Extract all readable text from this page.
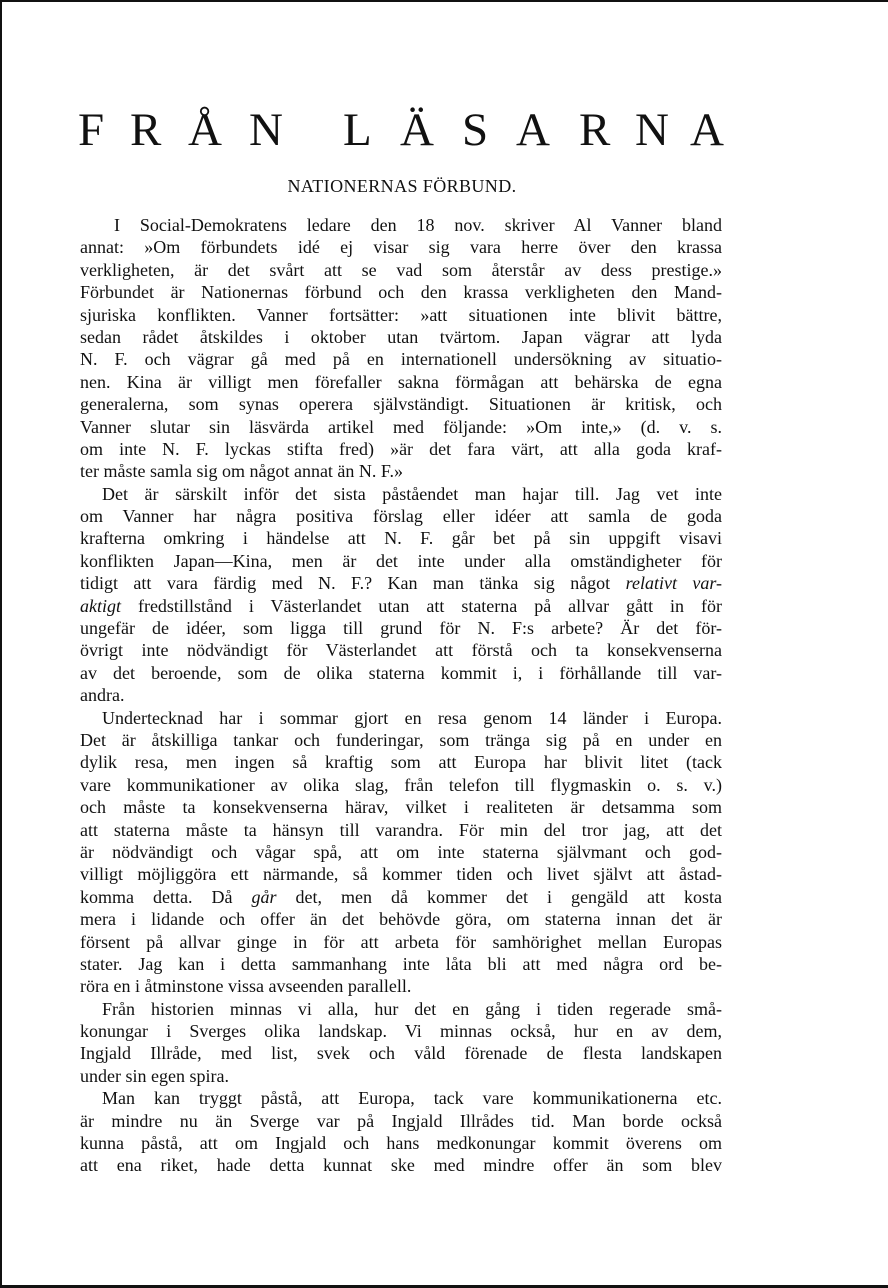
F R Å N L Ä S A R N A
NATIONERNAS FÖRBUND.
I Social-Demokratens ledare den 18 nov. skriver Al Vanner bland
annat: »Om förbundets idé ej visar sig vara herre över den krassa
verkligheten, är det svårt att se vad som återstår av dess prestige.»
Förbundet är Nationernas förbund och den krassa verkligheten den Mand-
sjuriska konflikten. Vanner fortsätter: »att situationen inte blivit bättre,
sedan rådet åtskildes i oktober utan tvärtom. Japan vägrar att lyda
N. F. och vägrar gå med på en internationell undersökning av situatio-
nen. Kina är villigt men förefaller sakna förmågan att behärska de egna
generalerna, som synas operera självständigt. Situationen är kritisk, och
Vanner slutar sin läsvärda artikel med följande: »Om inte,» (d. v. s.
om inte N. F. lyckas stifta fred) »är det fara värt, att alla goda kraf-
ter måste samla sig om något annat än N. F.»
Det är särskilt inför det sista påståendet man hajar till. Jag vet inte
om Vanner har några positiva förslag eller idéer att samla de goda
krafterna omkring i händelse att N. F. går bet på sin uppgift visavi
konflikten Japan—Kina, men är det inte under alla omständigheter för
tidigt att vara färdig med N. F.? Kan man tänka sig något relativt var-
aktigt fredstillstånd i Västerlandet utan att staterna på allvar gått in för
ungefär de idéer, som ligga till grund för N. F:s arbete? Är det för-
övrigt inte nödvändigt för Västerlandet att förstå och ta konsekvenserna
av det beroende, som de olika staterna kommit i, i förhållande till var-
andra.
Undertecknad har i sommar gjort en resa genom 14 länder i Europa.
Det är åtskilliga tankar och funderingar, som tränga sig på en under en
dylik resa, men ingen så kraftig som att Europa har blivit litet (tack
vare kommunikationer av olika slag, från telefon till flygmaskin o. s. v.)
och måste ta konsekvenserna härav, vilket i realiteten är detsamma som
att staterna måste ta hänsyn till varandra. För min del tror jag, att det
är nödvändigt och vågar spå, att om inte staterna självmant och god-
villigt möjliggöra ett närmande, så kommer tiden och livet självt att åstad-
komma detta. Då går det, men då kommer det i gengäld att kosta
mera i lidande och offer än det behövde göra, om staterna innan det är
försent på allvar ginge in för att arbeta för samhörighet mellan Europas
stater. Jag kan i detta sammanhang inte låta bli att med några ord be-
röra en i åtminstone vissa avseenden parallell.
Från historien minnas vi alla, hur det en gång i tiden regerade små-
konungar i Sverges olika landskap. Vi minnas också, hur en av dem,
Ingjald Illråde, med list, svek och våld förenade de flesta landskapen
under sin egen spira.
Man kan tryggt påstå, att Europa, tack vare kommunikationerna etc.
är mindre nu än Sverge var på Ingjald Illrådes tid. Man borde också
kunna påstå, att om Ingjald och hans medkonungar kommit överens om
att ena riket, hade detta kunnat ske med mindre offer än som blev
